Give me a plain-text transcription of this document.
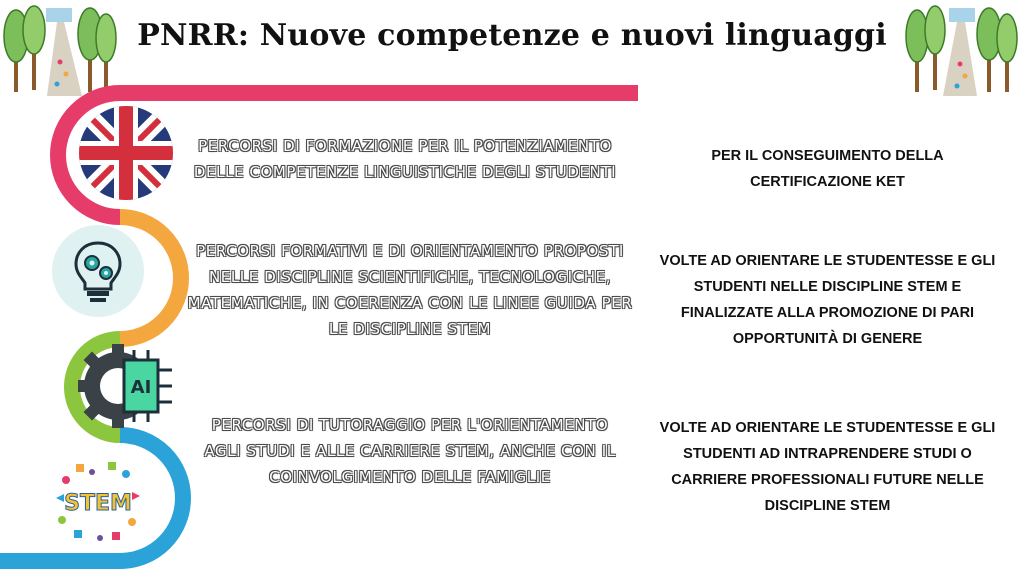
PNRR: Nuove competenze e nuovi linguaggi
AI
STEM
PERCORSI DI FORMAZIONE PER IL POTENZIAMENTO DELLE COMPETENZE LINGUISTICHE DEGLI STUDENTI
PERCORSI FORMATIVI E DI ORIENTAMENTO PROPOSTI NELLE DISCIPLINE SCIENTIFICHE, TECNOLOGICHE, MATEMATICHE, IN COERENZA CON LE LINEE GUIDA PER LE DISCIPLINE STEM
PERCORSI DI TUTORAGGIO PER L'ORIENTAMENTO AGLI STUDI E ALLE CARRIERE STEM, ANCHE CON IL COINVOLGIMENTO DELLE FAMIGLIE
PER IL CONSEGUIMENTO DELLA CERTIFICAZIONE KET
VOLTE AD ORIENTARE LE STUDENTESSE E GLI STUDENTI NELLE DISCIPLINE STEM E FINALIZZATE ALLA PROMOZIONE DI PARI OPPORTUNITÀ DI GENERE
VOLTE AD ORIENTARE LE STUDENTESSE E GLI STUDENTI AD INTRAPRENDERE STUDI O CARRIERE PROFESSIONALI FUTURE NELLE DISCIPLINE STEM
